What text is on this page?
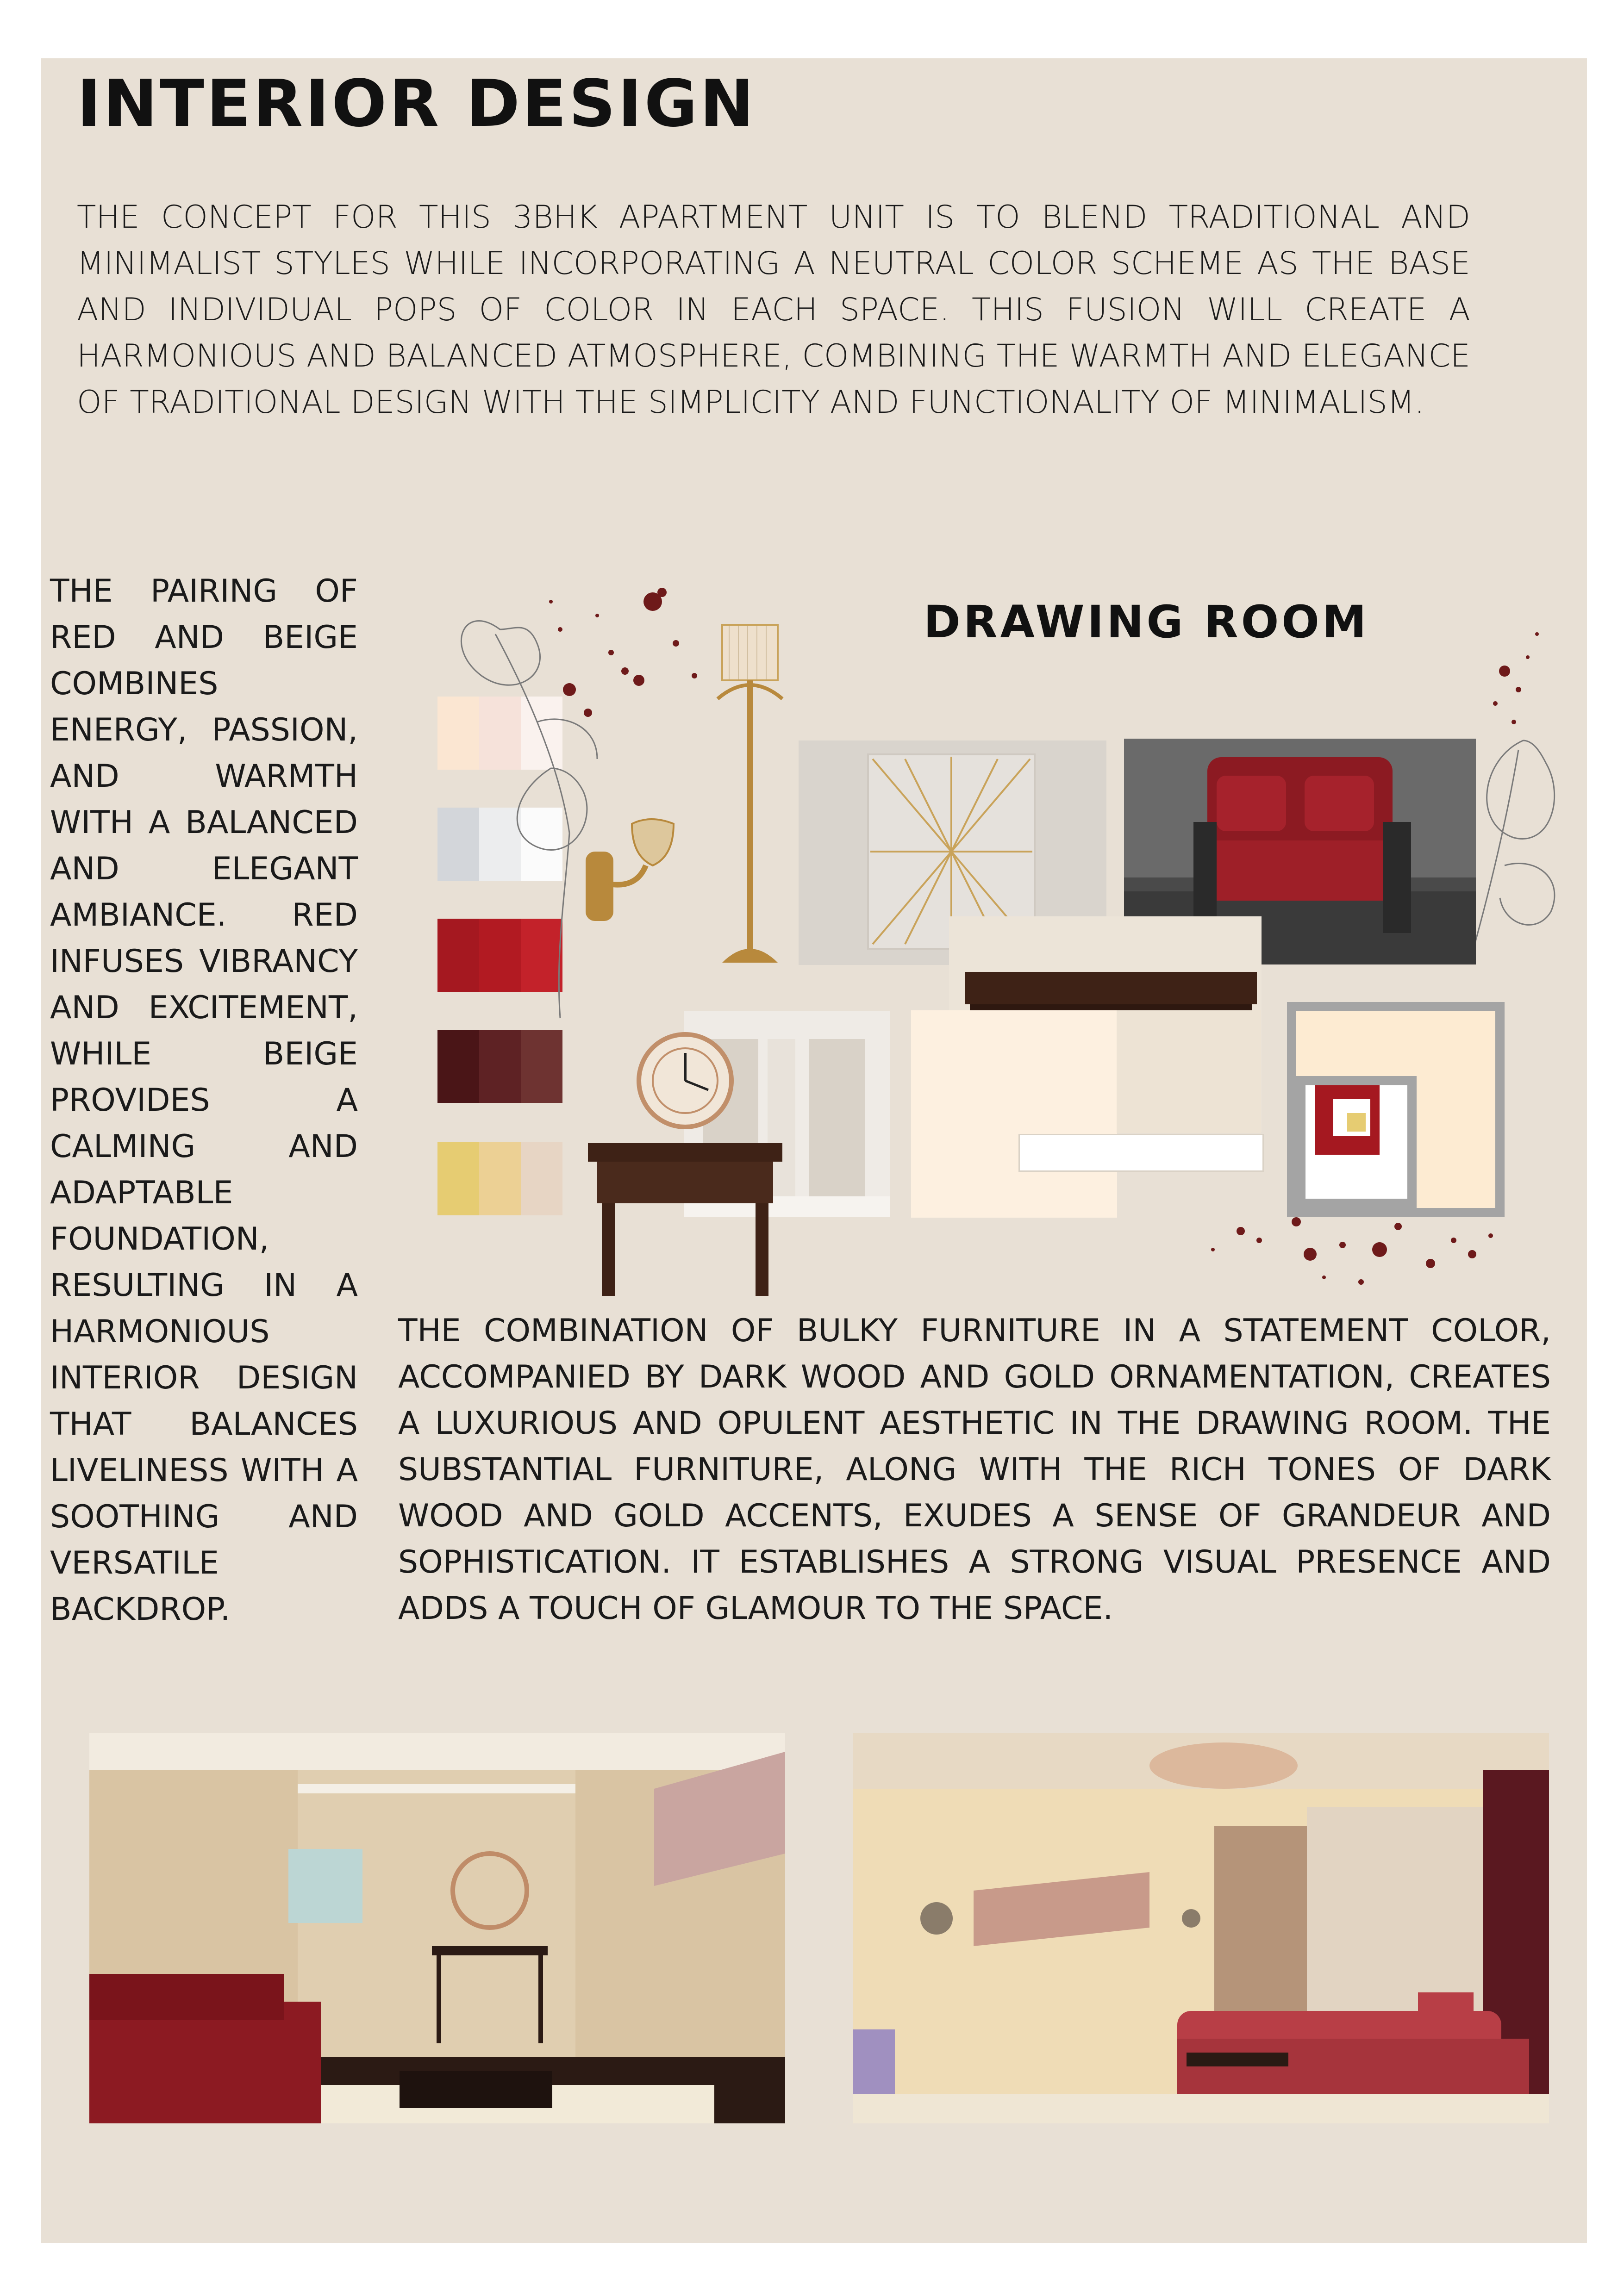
INTERIOR DESIGN
THE CONCEPT FOR THIS 3BHK APARTMENT UNIT IS TO BLEND TRADITIONAL AND MINIMALIST STYLES WHILE INCORPORATING A NEUTRAL COLOR SCHEME AS THE BASE AND INDIVIDUAL POPS OF COLOR IN EACH SPACE. THIS FUSION WILL CREATE A HARMONIOUS AND BALANCED ATMOSPHERE, COMBINING THE WARMTH AND ELEGANCE OF TRADITIONAL DESIGN WITH THE SIMPLICITY AND FUNCTIONALITY OF MINIMALISM.
THE PAIRING OF RED AND BEIGE COMBINES ENERGY, PASSION, AND WARMTH WITH A BALANCED AND ELEGANT AMBIANCE. RED INFUSES VIBRANCY AND EXCITEMENT, WHILE BEIGE PROVIDES A CALMING AND ADAPTABLE FOUNDATION, RESULTING IN A HARMONIOUS INTERIOR DESIGN THAT BALANCES LIVELINESS WITH A SOOTHING AND VERSATILE BACKDROP.
DRAWING ROOM
THE COMBINATION OF BULKY FURNITURE IN A STATEMENT COLOR, ACCOMPANIED BY DARK WOOD AND GOLD ORNAMENTATION, CREATES A LUXURIOUS AND OPULENT AESTHETIC IN THE DRAWING ROOM. THE SUBSTANTIAL FURNITURE, ALONG WITH THE RICH TONES OF DARK WOOD AND GOLD ACCENTS, EXUDES A SENSE OF GRANDEUR AND SOPHISTICATION. IT ESTABLISHES A STRONG VISUAL PRESENCE AND ADDS A TOUCH OF GLAMOUR TO THE SPACE.
